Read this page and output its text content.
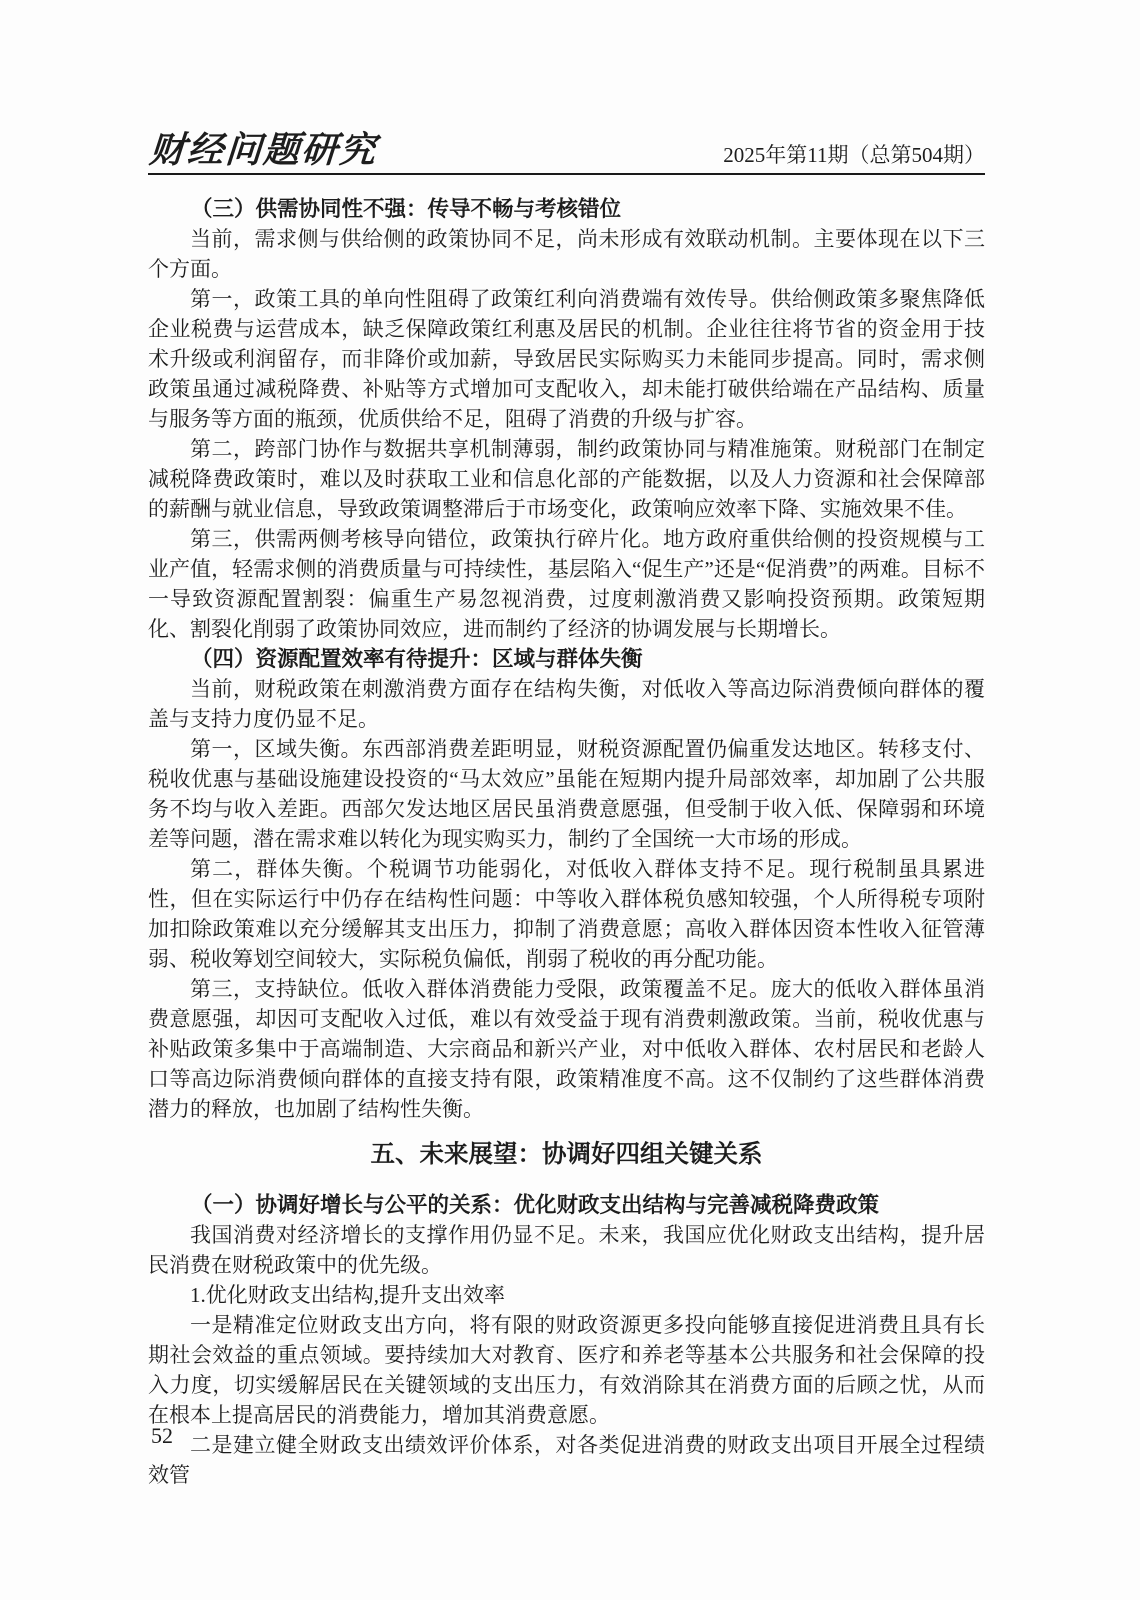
财经问题研究	2025年第11期（总第504期）
（三）供需协同性不强：传导不畅与考核错位

当前，需求侧与供给侧的政策协同不足，尚未形成有效联动机制。主要体现在以下三个方面。

第一，政策工具的单向性阻碍了政策红利向消费端有效传导。供给侧政策多聚焦降低企业税费与运营成本，缺乏保障政策红利惠及居民的机制。企业往往将节省的资金用于技术升级或利润留存，而非降价或加薪，导致居民实际购买力未能同步提高。同时，需求侧政策虽通过减税降费、补贴等方式增加可支配收入，却未能打破供给端在产品结构、质量与服务等方面的瓶颈，优质供给不足，阻碍了消费的升级与扩容。

第二，跨部门协作与数据共享机制薄弱，制约政策协同与精准施策。财税部门在制定减税降费政策时，难以及时获取工业和信息化部的产能数据，以及人力资源和社会保障部的薪酬与就业信息，导致政策调整滞后于市场变化，政策响应效率下降、实施效果不佳。

第三，供需两侧考核导向错位，政策执行碎片化。地方政府重供给侧的投资规模与工业产值，轻需求侧的消费质量与可持续性，基层陷入“促生产”还是“促消费”的两难。目标不一导致资源配置割裂：偏重生产易忽视消费，过度刺激消费又影响投资预期。政策短期化、割裂化削弱了政策协同效应，进而制约了经济的协调发展与长期增长。

（四）资源配置效率有待提升：区域与群体失衡

当前，财税政策在刺激消费方面存在结构失衡，对低收入等高边际消费倾向群体的覆盖与支持力度仍显不足。

第一，区域失衡。东西部消费差距明显，财税资源配置仍偏重发达地区。转移支付、税收优惠与基础设施建设投资的“马太效应”虽能在短期内提升局部效率，却加剧了公共服务不均与收入差距。西部欠发达地区居民虽消费意愿强，但受制于收入低、保障弱和环境差等问题，潜在需求难以转化为现实购买力，制约了全国统一大市场的形成。

第二，群体失衡。个税调节功能弱化，对低收入群体支持不足。现行税制虽具累进性，但在实际运行中仍存在结构性问题：中等收入群体税负感知较强，个人所得税专项附加扣除政策难以充分缓解其支出压力，抑制了消费意愿；高收入群体因资本性收入征管薄弱、税收筹划空间较大，实际税负偏低，削弱了税收的再分配功能。

第三，支持缺位。低收入群体消费能力受限，政策覆盖不足。庞大的低收入群体虽消费意愿强，却因可支配收入过低，难以有效受益于现有消费刺激政策。当前，税收优惠与补贴政策多集中于高端制造、大宗商品和新兴产业，对中低收入群体、农村居民和老龄人口等高边际消费倾向群体的直接支持有限，政策精准度不高。这不仅制约了这些群体消费潜力的释放，也加剧了结构性失衡。

五、未来展望：协调好四组关键关系
（一）协调好增长与公平的关系：优化财政支出结构与完善减税降费政策

我国消费对经济增长的支撑作用仍显不足。未来，我国应优化财政支出结构，提升居民消费在财税政策中的优先级。

1.优化财政支出结构,提升支出效率

一是精准定位财政支出方向，将有限的财政资源更多投向能够直接促进消费且具有长期社会效益的重点领域。要持续加大对教育、医疗和养老等基本公共服务和社会保障的投入力度，切实缓解居民在关键领域的支出压力，有效消除其在消费方面的后顾之忧，从而在根本上提高居民的消费能力，增加其消费意愿。

二是建立健全财政支出绩效评价体系，对各类促进消费的财政支出项目开展全过程绩效管

52
